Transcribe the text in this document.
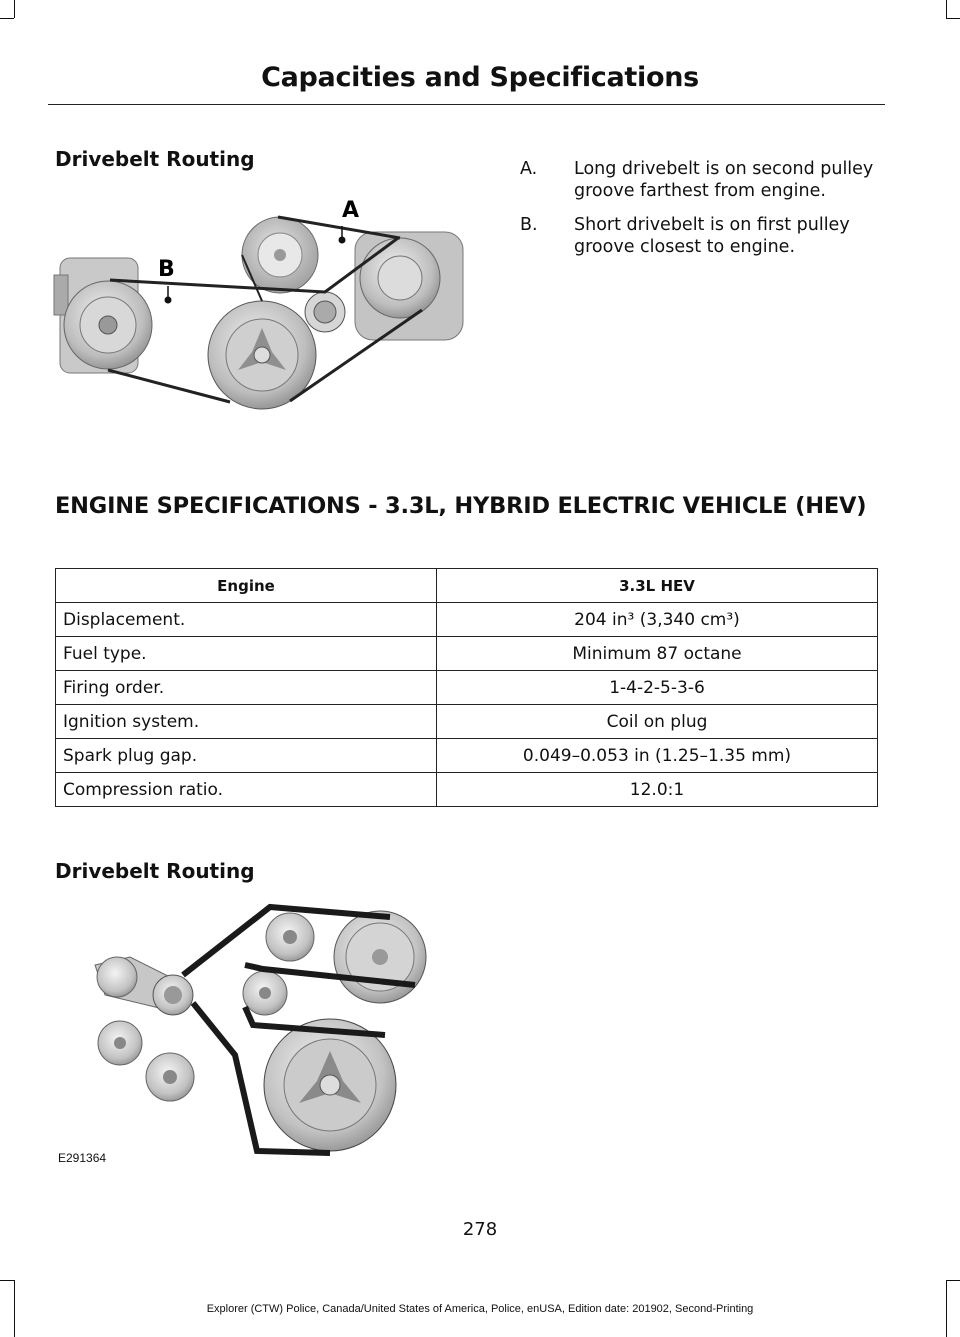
Capacities and Specifications
Drivebelt Routing
A
B
A.	Long drivebelt is on second pulley groove farthest from engine.
B.	Short drivebelt is on first pulley groove closest to engine.
ENGINE SPECIFICATIONS - 3.3L, HYBRID ELECTRIC VEHICLE (HEV)
Engine	3.3L HEV
Displacement.	204 in³ (3,340 cm³)
Fuel type.	Minimum 87 octane
Firing order.	1-4-2-5-3-6
Ignition system.	Coil on plug
Spark plug gap.	0.049–0.053 in (1.25–1.35 mm)
Compression ratio.	12.0:1
Drivebelt Routing
E291364
278
Explorer (CTW) Police, Canada/United States of America, Police, enUSA, Edition date: 201902, Second-Printing
